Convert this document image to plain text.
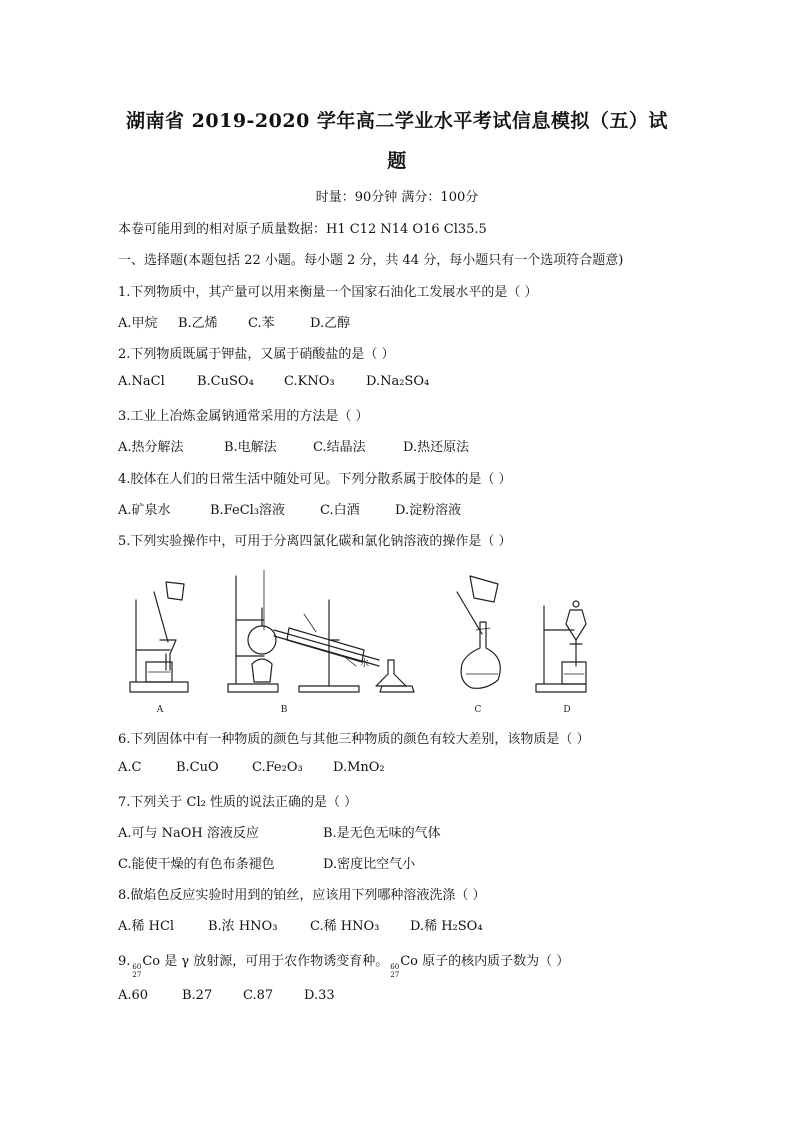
湖南省 2019-2020 学年高二学业水平考试信息模拟（五）试
题
时量：90分钟 满分：100分
本卷可能用到的相对原子质量数据：H1 C12 N14 O16 Cl35.5
一、选择题(本题包括 22 小题。每小题 2 分，共 44 分，每小题只有一个选项符合题意)
1.下列物质中，其产量可以用来衡量一个国家石油化工发展水平的是（ ）
A.甲烷	B.乙烯	C.苯	D.乙醇
2.下列物质既属于钾盐，又属于硝酸盐的是（ ）
A.NaCl	B.CuSO₄	C.KNO₃	D.Na₂SO₄
3.工业上冶炼金属钠通常采用的方法是（ ）
A.热分解法	B.电解法	C.结晶法	D.热还原法
4.胶体在人们的日常生活中随处可见。下列分散系属于胶体的是（ ）
A.矿泉水	B.FeCl₃溶液	C.白酒	D.淀粉溶液
5.下列实验操作中，可用于分离四氯化碳和氯化钠溶液的操作是（ ）
A	B	C	D
水
6.下列固体中有一种物质的颜色与其他三种物质的颜色有较大差别，该物质是（ ）
A.C	B.CuO	C.Fe₂O₃	D.MnO₂
7.下列关于 Cl₂ 性质的说法正确的是（ ）
A.可与 NaOH 溶液反应	B.是无色无味的气体
C.能使干燥的有色布条褪色	D.密度比空气小
8.做焰色反应实验时用到的铂丝，应该用下列哪种溶液洗涤（ ）
A.稀 HCl	B.浓 HNO₃	C.稀 HNO₃	D.稀 H₂SO₄
9. 60
27
Co 是 γ 放射源，可用于农作物诱变育种。 60
27
Co 原子的核内质子数为（ ）
A.60	B.27	C.87	D.33
